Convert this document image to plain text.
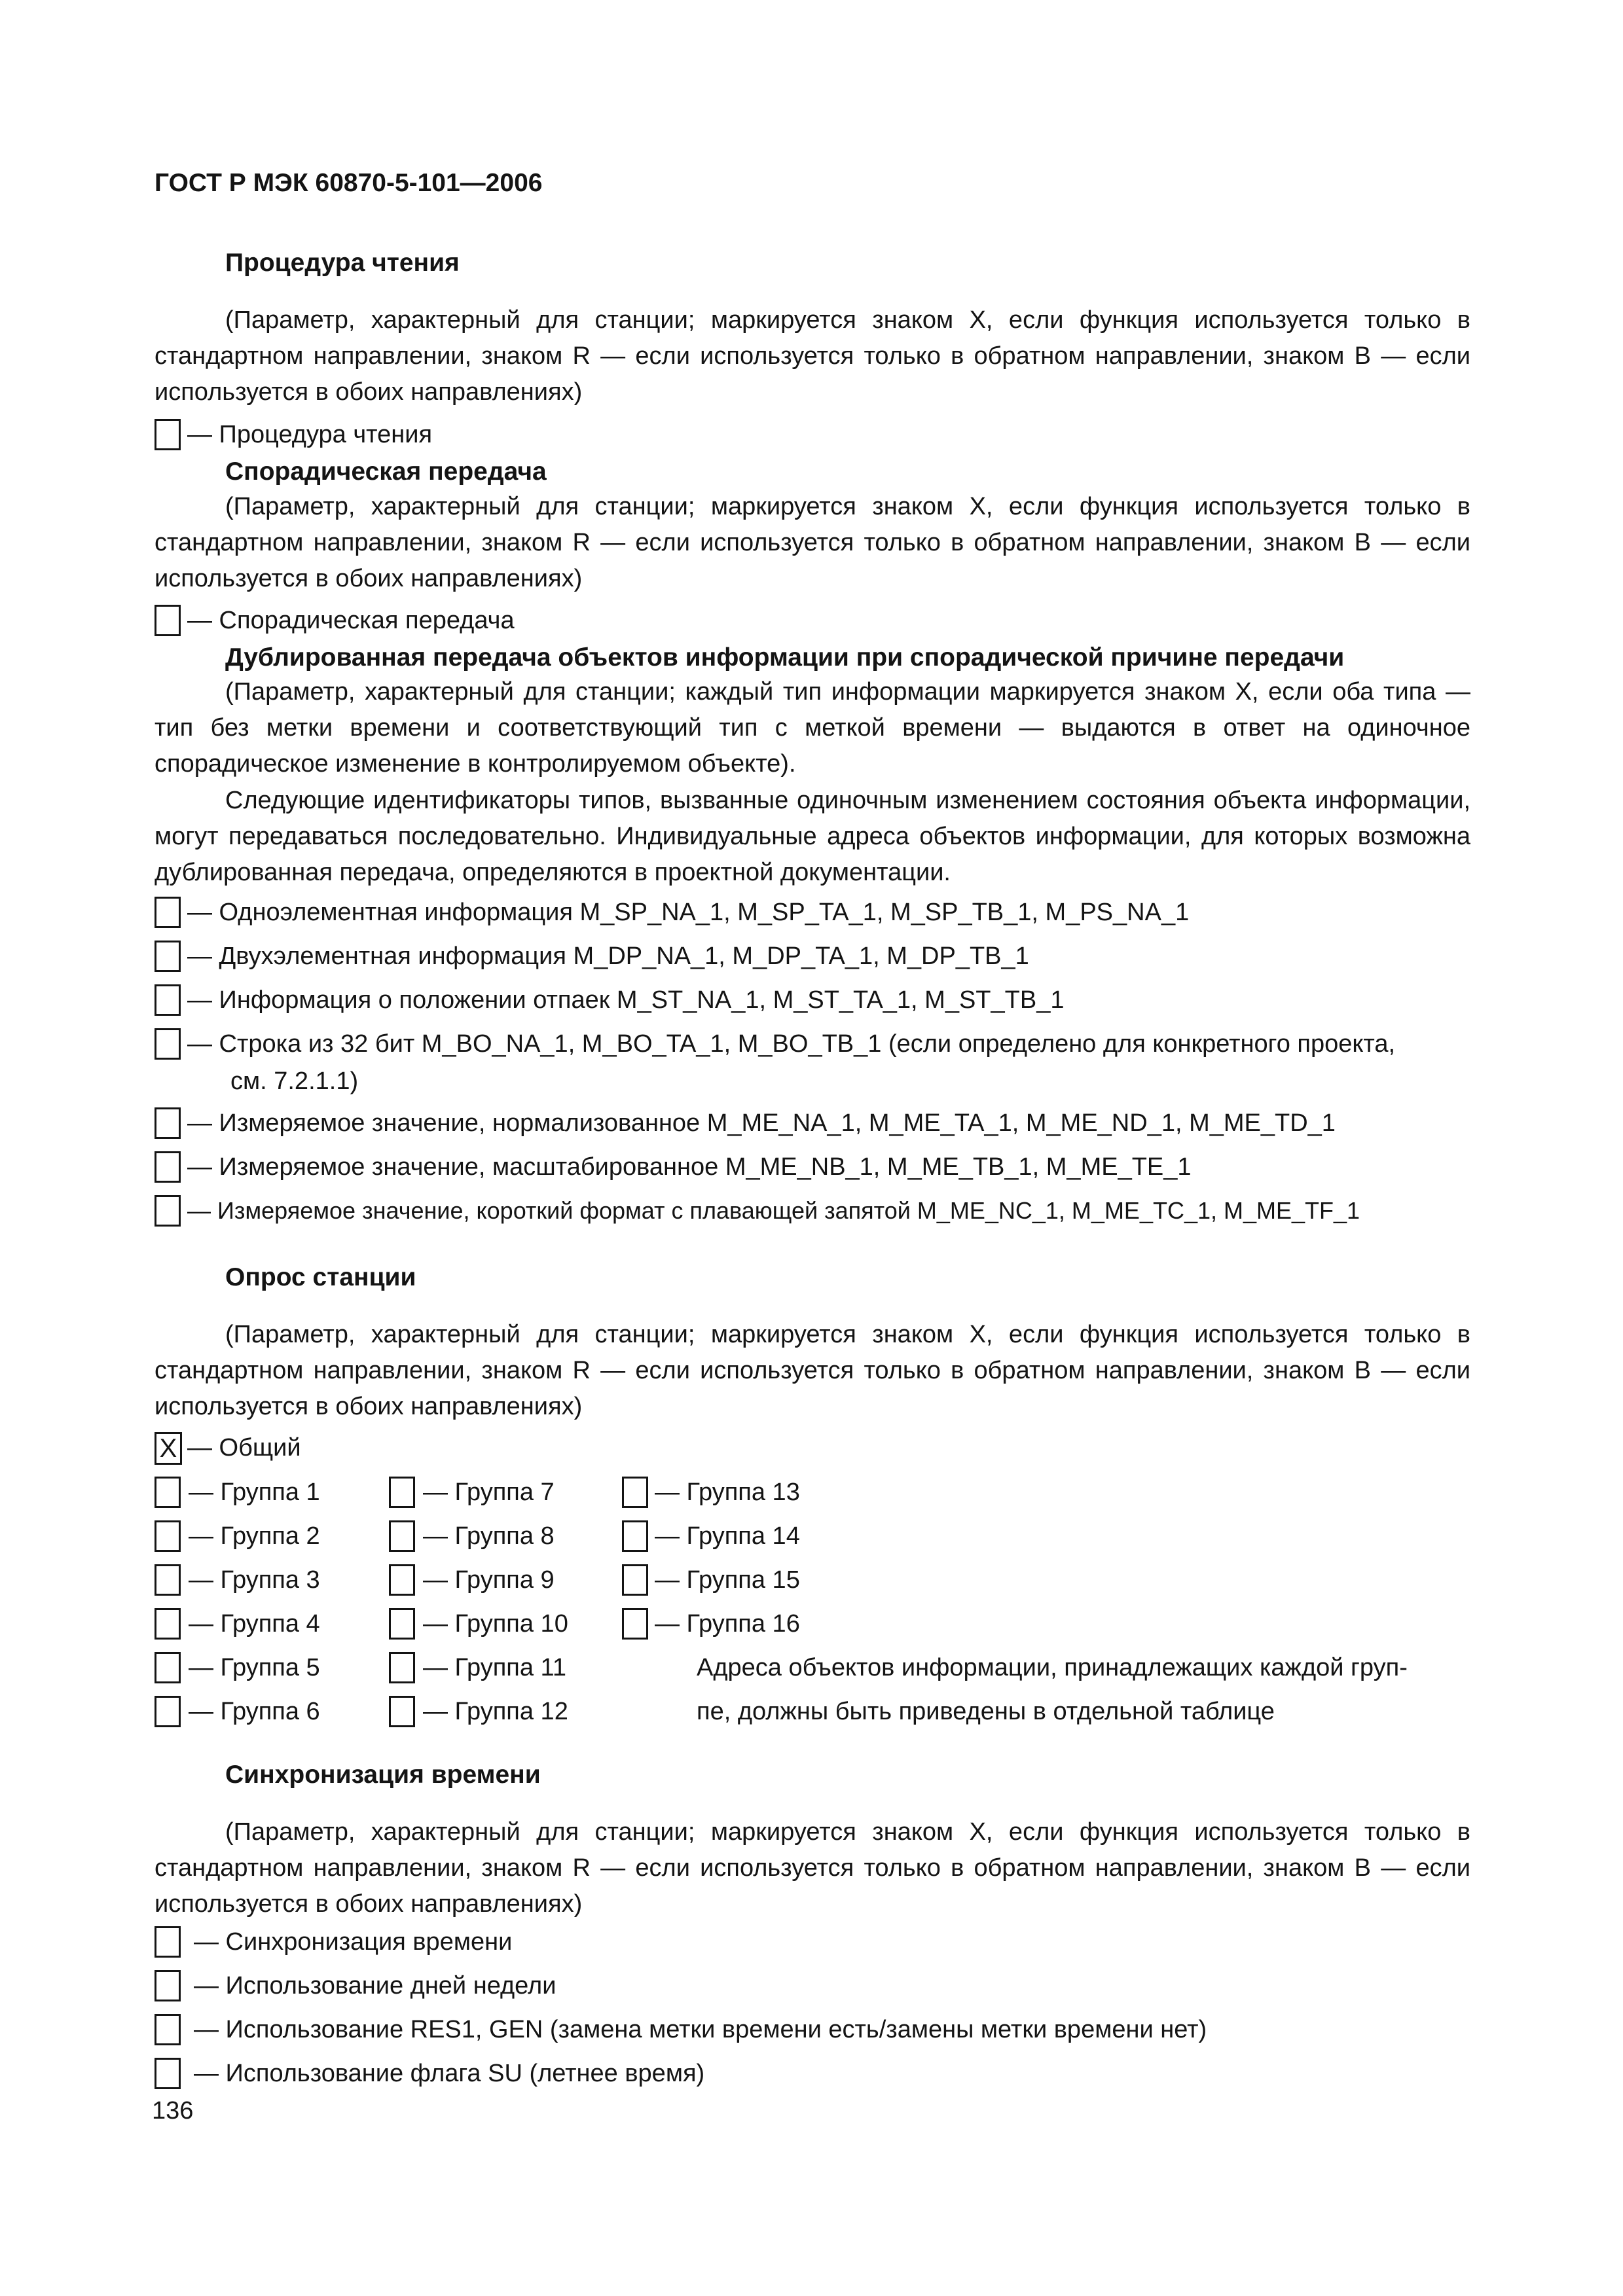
ГОСТ Р МЭК 60870-5-101—2006
Процедура чтения
(Параметр, характерный для станции; маркируется знаком X, если функция используется только в стандартном направлении, знаком R — если используется только в обратном направлении, знаком B — если используется в обоих направлениях)
— Процедура чтения
Спорадическая передача
(Параметр, характерный для станции; маркируется знаком X, если функция используется только в стандартном направлении, знаком R — если используется только в обратном направлении, знаком B — если используется в обоих направлениях)
— Спорадическая передача
Дублированная передача объектов информации при спорадической причине передачи
(Параметр, характерный для станции; каждый тип информации маркируется знаком X, если оба типа — тип без метки времени и соответствующий тип с меткой времени — выдаются в ответ на одиночное спорадическое изменение в контролируемом объекте).
Следующие идентификаторы типов, вызванные одиночным изменением состояния объекта информации, могут передаваться последовательно. Индивидуальные адреса объектов информации, для которых возможна дублированная передача, определяются в проектной документации.
— Одноэлементная информация M_SP_NA_1, M_SP_TA_1, M_SP_TB_1, M_PS_NA_1
— Двухэлементная информация M_DP_NA_1, M_DP_TA_1, M_DP_TB_1
— Информация о положении отпаек M_ST_NA_1, M_ST_TA_1, M_ST_TB_1
— Строка из 32 бит M_BO_NA_1, M_BO_TA_1, M_BO_TB_1 (если определено для конкретного проекта,
см. 7.2.1.1)
— Измеряемое значение, нормализованное M_ME_NA_1, M_ME_TA_1, M_ME_ND_1, M_ME_TD_1
— Измеряемое значение, масштабированное M_ME_NB_1, M_ME_TB_1, M_ME_TE_1
— Измеряемое значение, короткий формат с плавающей запятой M_ME_NC_1, M_ME_TC_1, M_ME_TF_1
Опрос станции
(Параметр, характерный для станции; маркируется знаком X, если функция используется только в стандартном направлении, знаком R — если используется только в обратном направлении, знаком B — если используется в обоих направлениях)
X — Общий
— Группа 1
— Группа 2
— Группа 3
— Группа 4
— Группа 5
— Группа 6
— Группа 7
— Группа 8
— Группа 9
— Группа 10
— Группа 11
— Группа 12
— Группа 13
— Группа 14
— Группа 15
— Группа 16
Адреса объектов информации, принадлежащих каждой груп-
пе, должны быть приведены в отдельной таблице
Синхронизация времени
(Параметр, характерный для станции; маркируется знаком X, если функция используется только в стандартном направлении, знаком R — если используется только в обратном направлении, знаком B — если используется в обоих направлениях)
— Синхронизация времени
— Использование дней недели
— Использование RES1, GEN (замена метки времени есть/замены метки времени нет)
— Использование флага SU (летнее время)
136
